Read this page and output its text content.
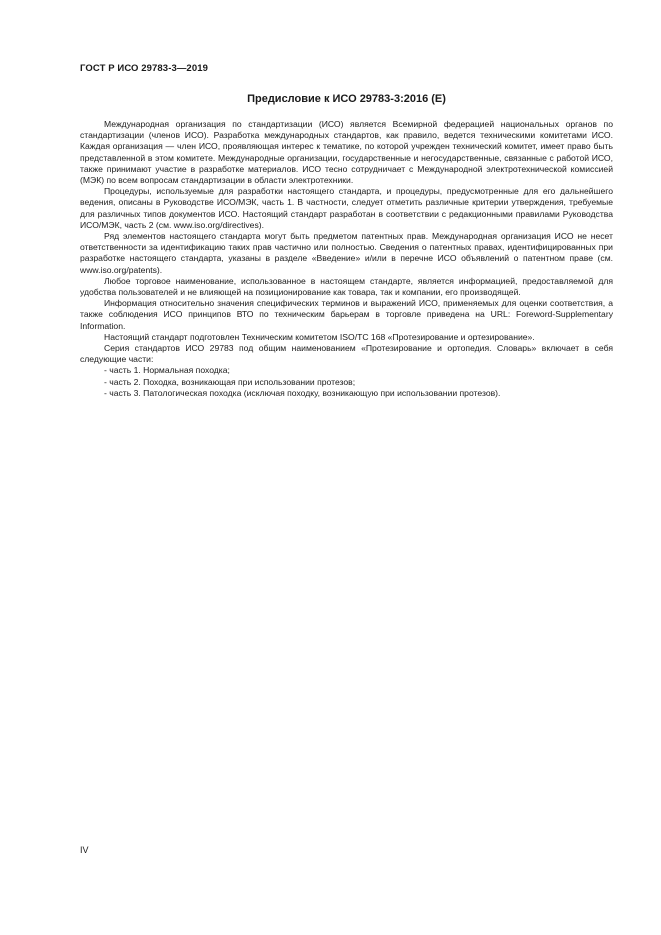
ГОСТ Р ИСО 29783-3—2019
Предисловие к ИСО 29783-3:2016 (E)

Международная организация по стандартизации (ИСО) является Всемирной федерацией национальных органов по стандартизации (членов ИСО). Разработка международных стандартов, как правило, ведется техническими комитетами ИСО. Каждая организация — член ИСО, проявляющая интерес к тематике, по которой учрежден технический комитет, имеет право быть представленной в этом комитете. Международные организации, государственные и негосударственные, связанные с работой ИСО, также принимают участие в разработке материалов. ИСО тесно сотрудничает с Международной электротехнической комиссией (МЭК) по всем вопросам стандартизации в области электротехники.

Процедуры, используемые для разработки настоящего стандарта, и процедуры, предусмотренные для его дальнейшего ведения, описаны в Руководстве ИСО/МЭК, часть 1. В частности, следует отметить различные критерии утверждения, требуемые для различных типов документов ИСО. Настоящий стандарт разработан в соответствии с редакционными правилами Руководства ИСО/МЭК, часть 2 (см. www.iso.org/directives).

Ряд элементов настоящего стандарта могут быть предметом патентных прав. Международная организация ИСО не несет ответственности за идентификацию таких прав частично или полностью. Сведения о патентных правах, идентифицированных при разработке настоящего стандарта, указаны в разделе «Введение» и/или в перечне ИСО объявлений о патентном праве (см. www.iso.org/patents).

Любое торговое наименование, использованное в настоящем стандарте, является информацией, предоставляемой для удобства пользователей и не влияющей на позиционирование как товара, так и компании, его производящей.

Информация относительно значения специфических терминов и выражений ИСО, применяемых для оценки соответствия, а также соблюдения ИСО принципов ВТО по техническим барьерам в торговле приведена на URL: Foreword-Supplementary Information.

Настоящий стандарт подготовлен Техническим комитетом ISO/TC 168 «Протезирование и ортезирование».

Серия стандартов ИСО 29783 под общим наименованием «Протезирование и ортопедия. Словарь» включает в себя следующие части:

- часть 1. Нормальная походка;
- часть 2. Походка, возникающая при использовании протезов;
- часть 3. Патологическая походка (исключая походку, возникающую при использовании протезов).
IV
